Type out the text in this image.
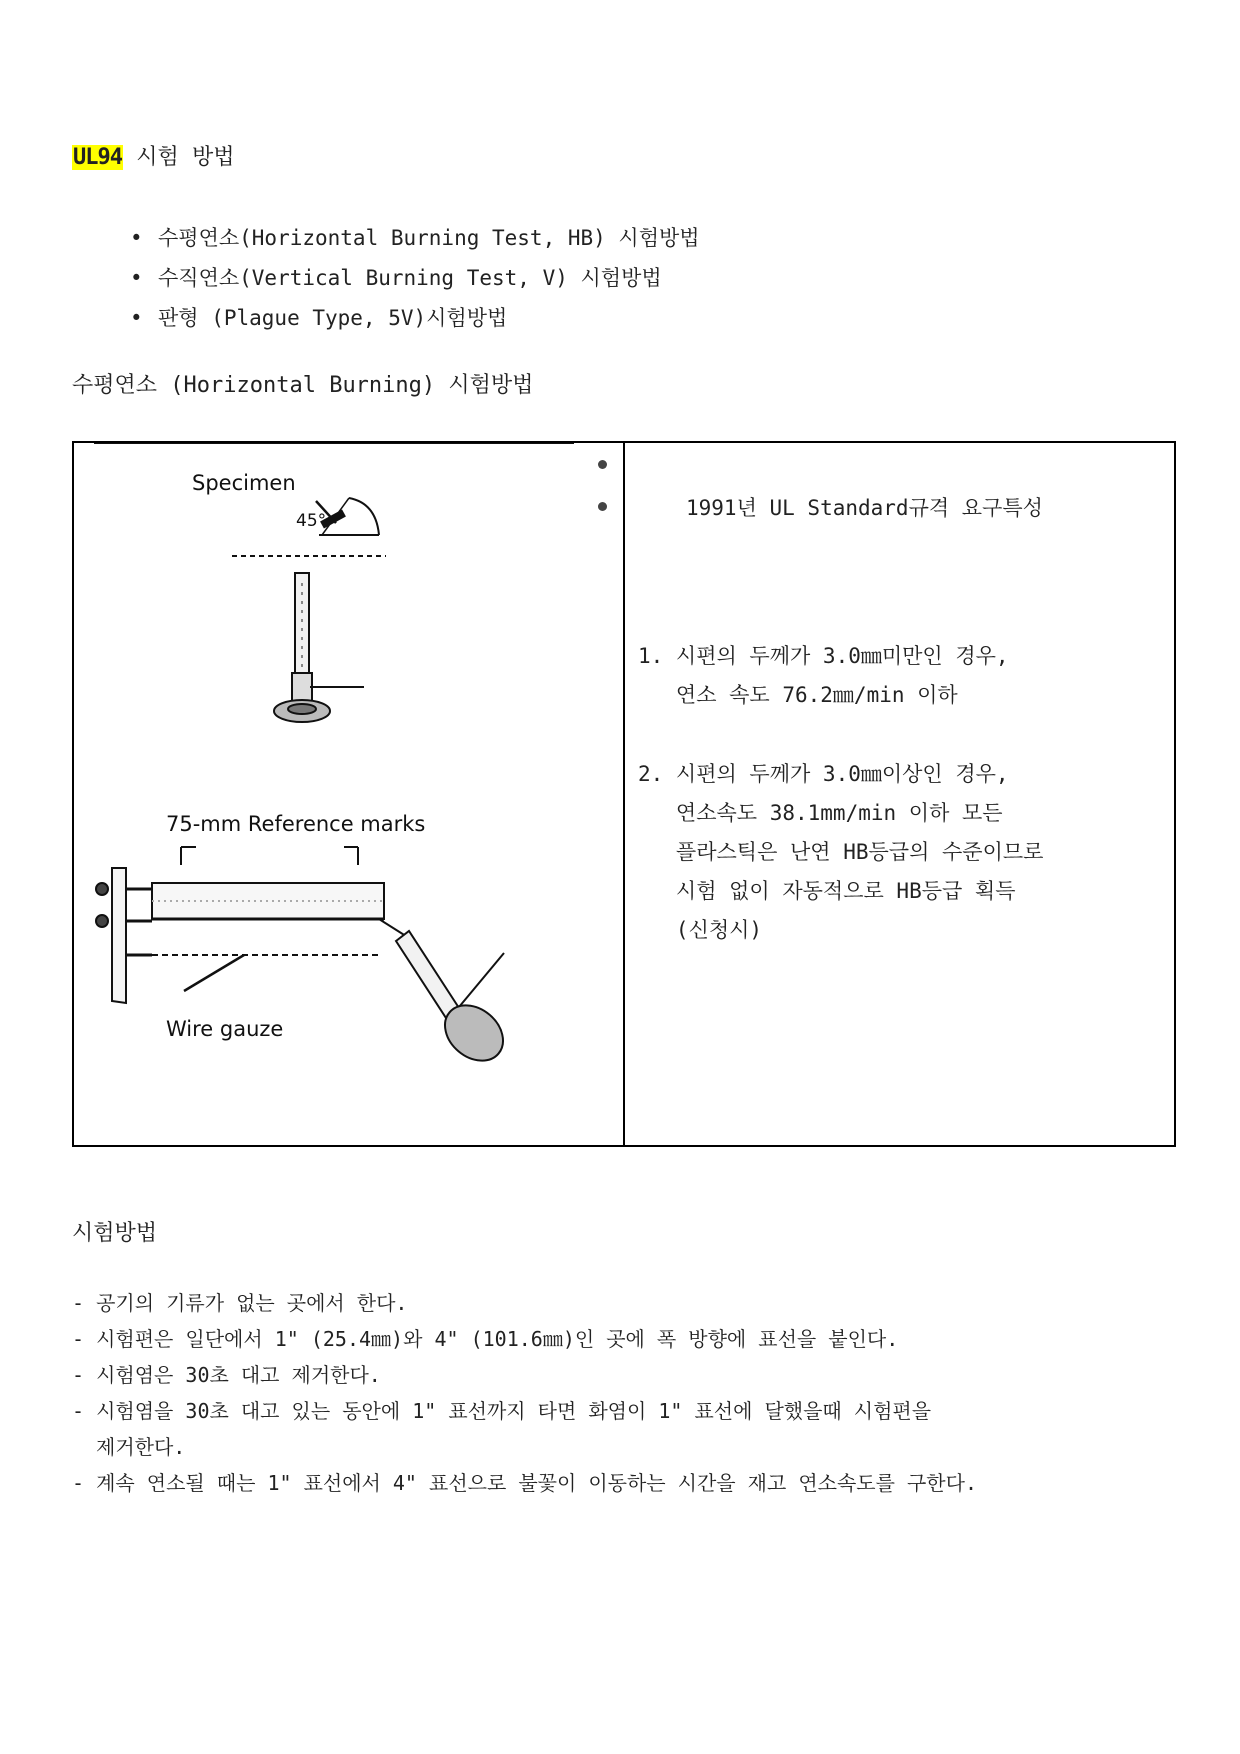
UL94 시험 방법
• 수평연소(Horizontal Burning Test, HB) 시험방법
• 수직연소(Vertical Burning Test, V) 시험방법
• 판형 (Plague Type, 5V)시험방법
수평연소 (Horizontal Burning) 시험방법
Specimen
45°
75-mm Reference marks
Wire gauze
1991년 UL Standard규격 요구특성
1. 시편의 두께가 3.0㎜미만인 경우,
연소 속도 76.2㎜/min 이하
2. 시편의 두께가 3.0㎜이상인 경우,
연소속도 38.1mm/min 이하 모든
플라스틱은 난연 HB등급의 수준이므로
시험 없이 자동적으로 HB등급 획득
(신청시)
시험방법
- 공기의 기류가 없는 곳에서 한다.
- 시험편은 일단에서 1" (25.4㎜)와 4" (101.6㎜)인 곳에 폭 방향에 표선을 붙인다.
- 시험염은 30초 대고 제거한다.
- 시험염을 30초 대고 있는 동안에 1" 표선까지 타면 화염이 1" 표선에 달했을때 시험편을
제거한다.
- 계속 연소될 때는 1" 표선에서 4" 표선으로 불꽃이 이동하는 시간을 재고 연소속도를 구한다.
